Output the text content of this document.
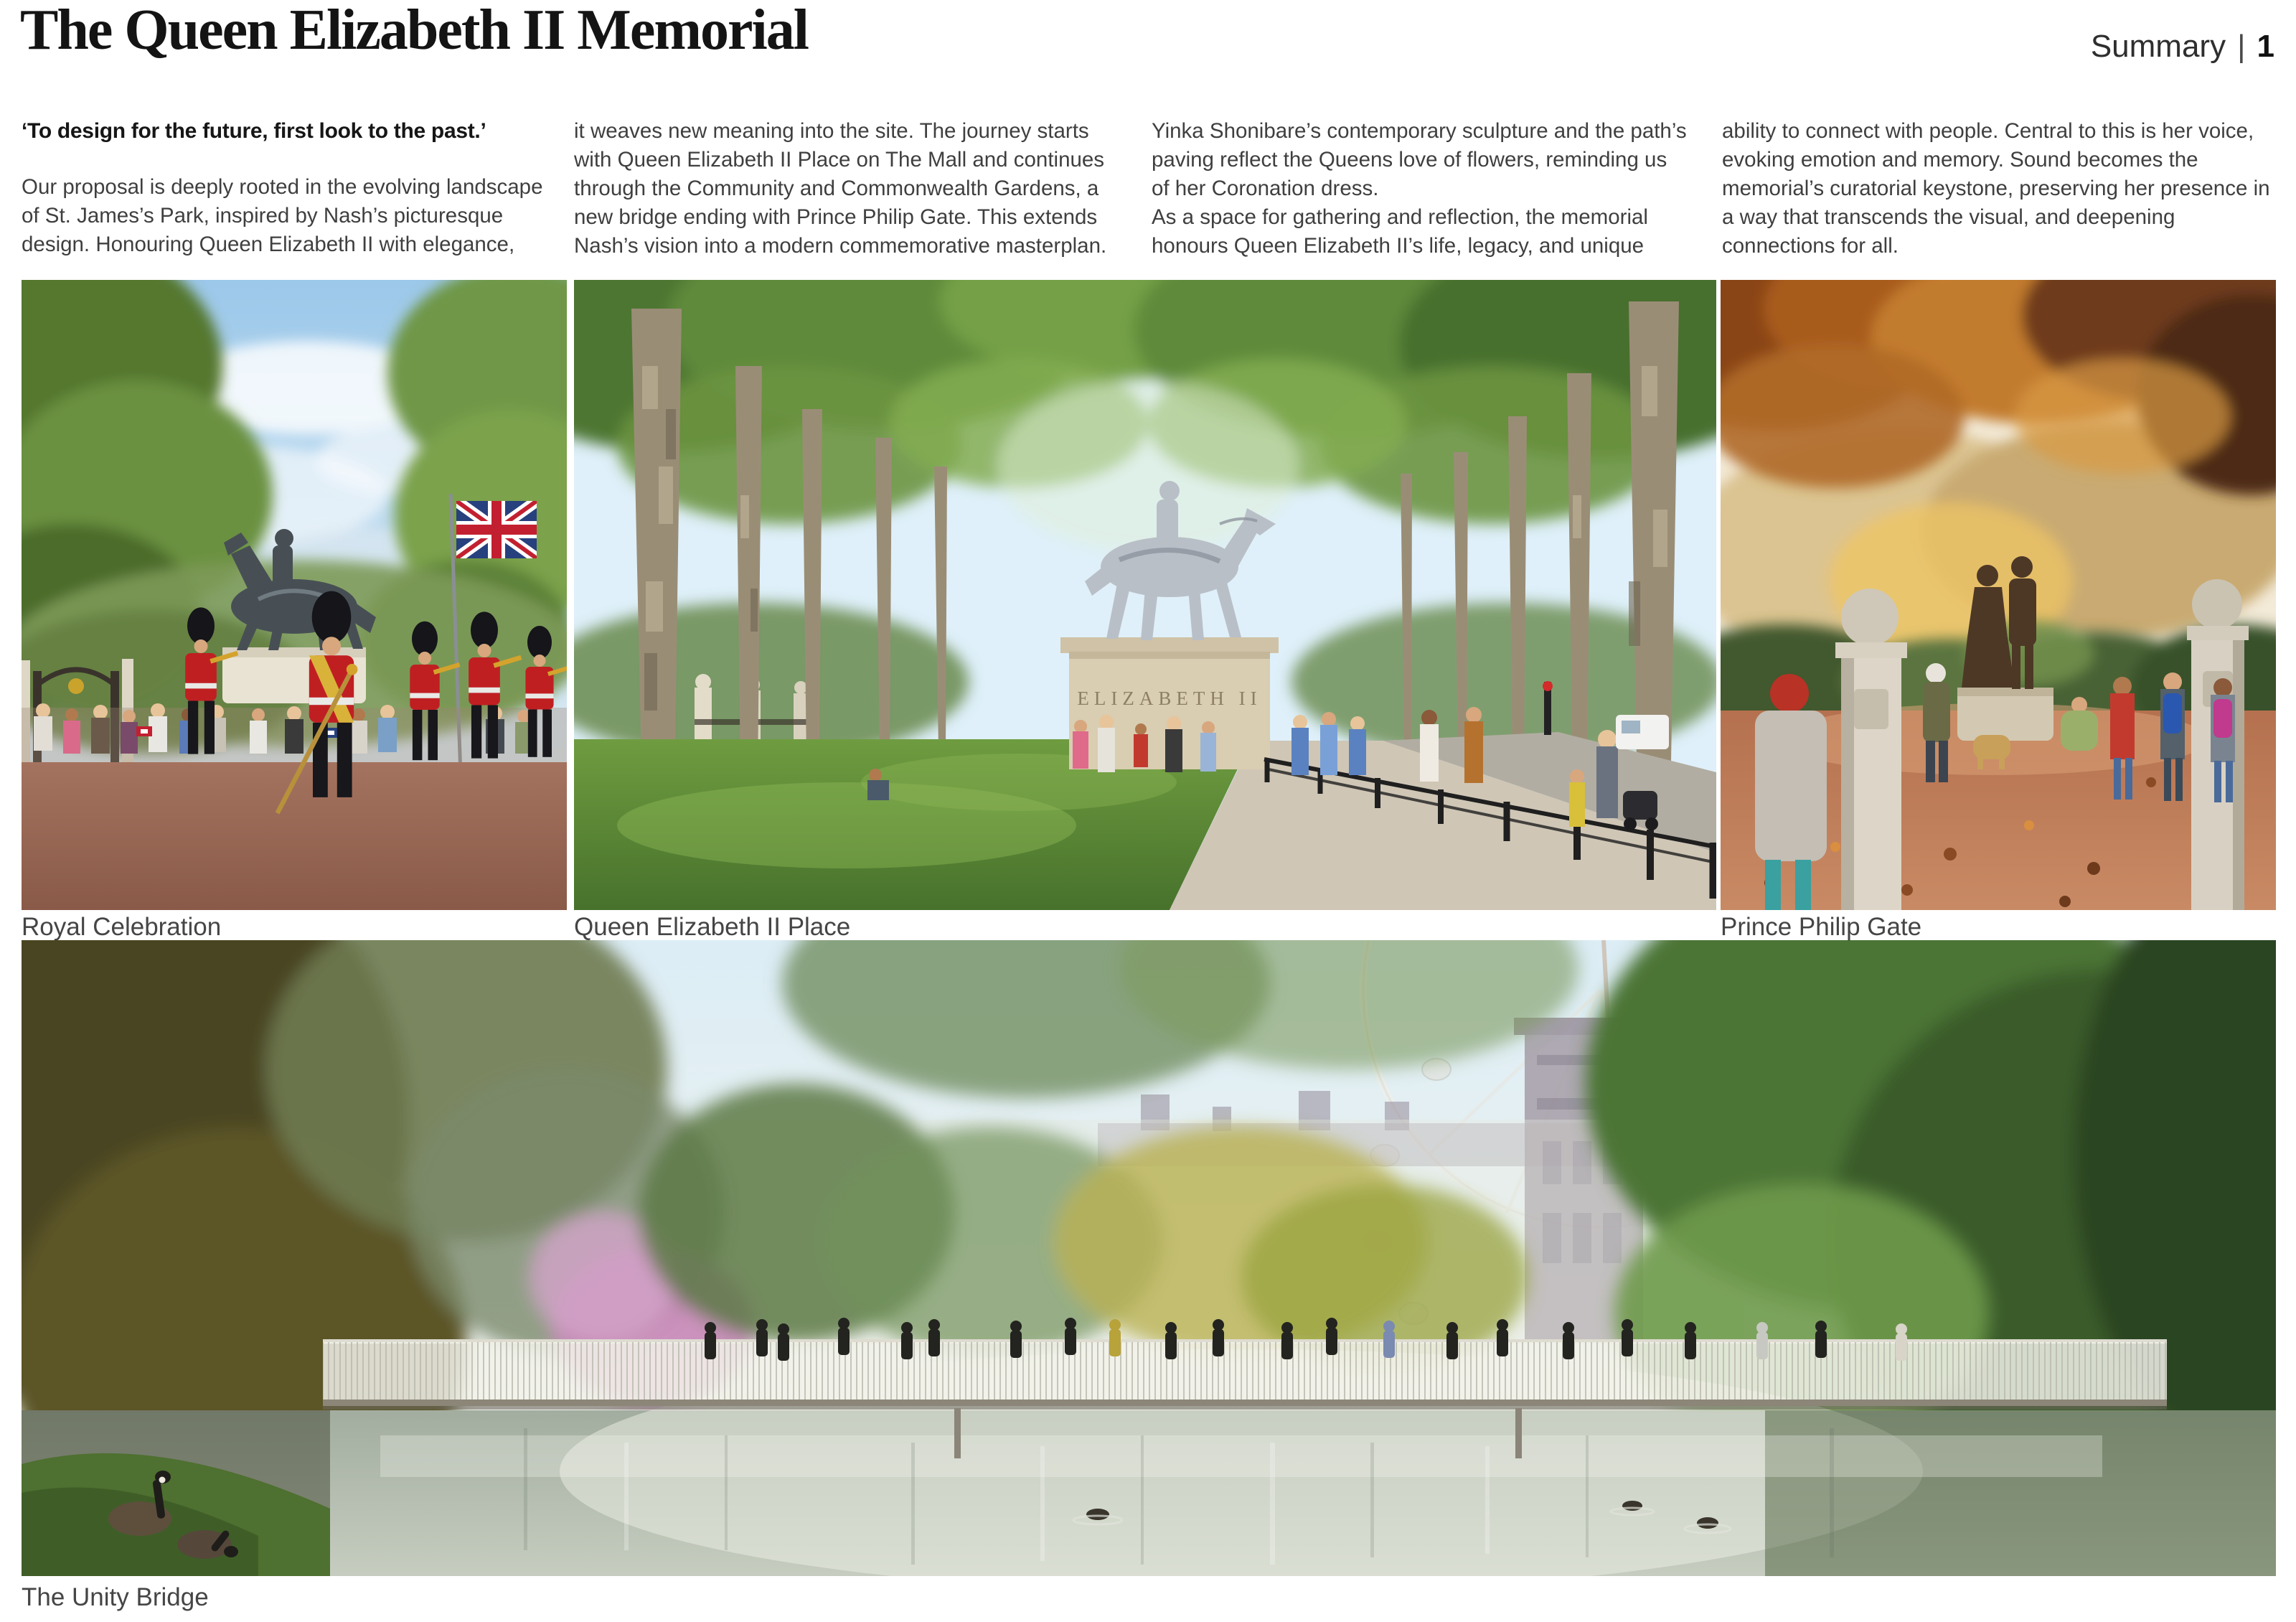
The Queen Elizabeth II Memorial	Summary | 1

‘To design for the future, first look to the past.’

Our proposal is deeply rooted in the evolving landscape of St. James’s Park, inspired by Nash’s picturesque design. Honouring Queen Elizabeth II with elegance,

it weaves new meaning into the site. The journey starts with Queen Elizabeth II Place on The Mall and continues through the Community and Commonwealth Gardens, a new bridge ending with Prince Philip Gate. This extends Nash’s vision into a modern commemorative masterplan.

Yinka Shonibare’s contemporary sculpture and the path’s paving reflect the Queens love of flowers, reminding us of her Coronation dress.

As a space for gathering and reflection, the memorial honours Queen Elizabeth II’s life, legacy, and unique

ability to connect with people. Central to this is her voice, evoking emotion and memory. Sound becomes the memorial’s curatorial keystone, preserving her presence in a way that transcends the visual, and deepening connections for all.

ELIZABETH II
Royal Celebration	Queen Elizabeth II Place	Prince Philip Gate
The Unity Bridge
